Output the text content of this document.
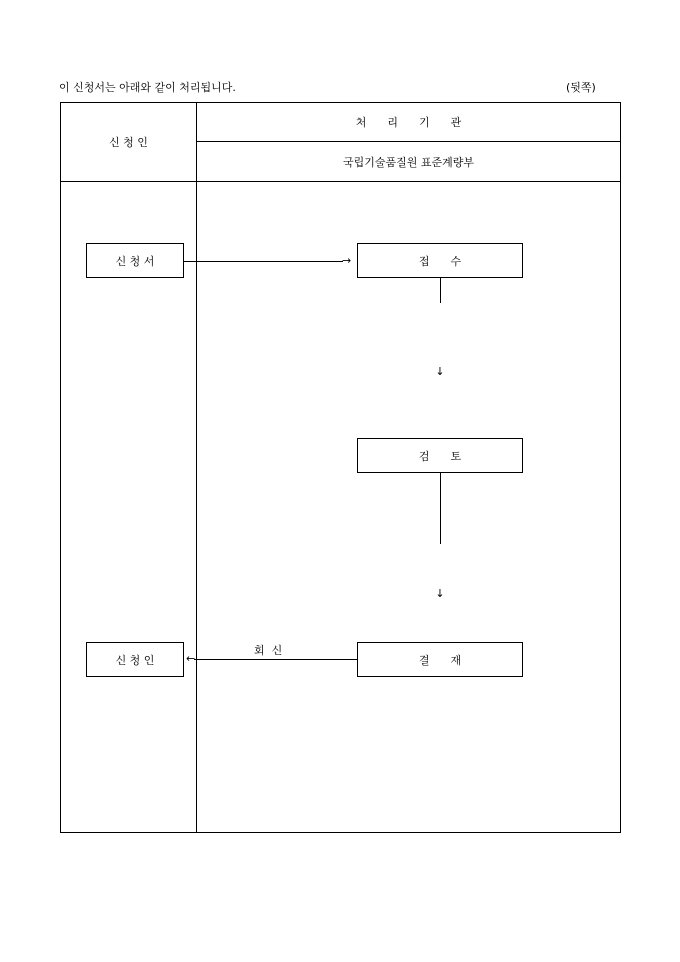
이 신청서는 아래와 같이 처리됩니다.	(뒷쪽)
신 청 인
처      리      기      관
국립기술품질원 표준계량부
신 청 서	접      수
검      토
결      재
신 청 인
→
←
↓
↓
회  신
